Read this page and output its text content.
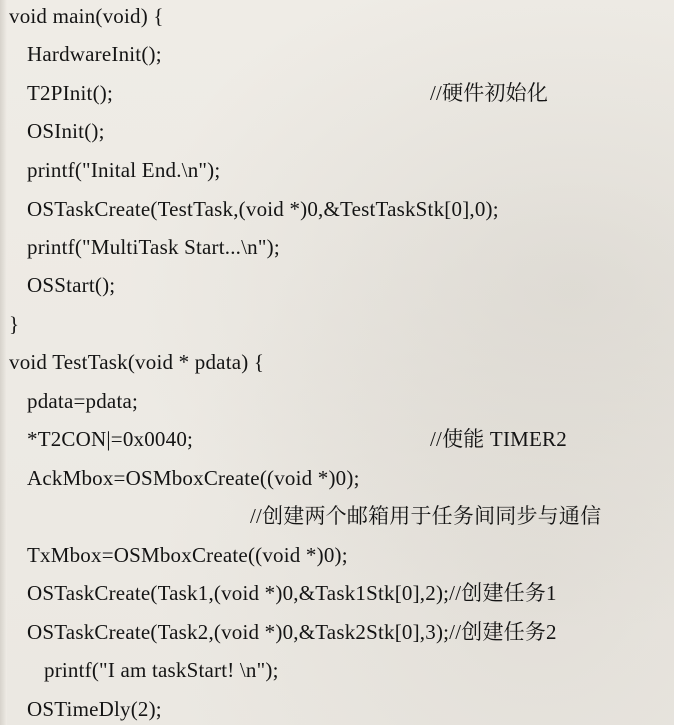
void main(void) {
HardwareInit();
T2PInit();	//硬件初始化
OSInit();
printf("Inital End.\n");
OSTaskCreate(TestTask,(void *)0,&TestTaskStk[0],0);
printf("MultiTask Start...\n");
OSStart();
}
void TestTask(void * pdata) {
pdata=pdata;
*T2CON|=0x0040;	//使能 TIMER2
AckMbox=OSMboxCreate((void *)0);
//创建两个邮箱用于任务间同步与通信
TxMbox=OSMboxCreate((void *)0);
OSTaskCreate(Task1,(void *)0,&Task1Stk[0],2);//创建任务1
OSTaskCreate(Task2,(void *)0,&Task2Stk[0],3);//创建任务2
printf("I am taskStart! \n");
OSTimeDly(2);
